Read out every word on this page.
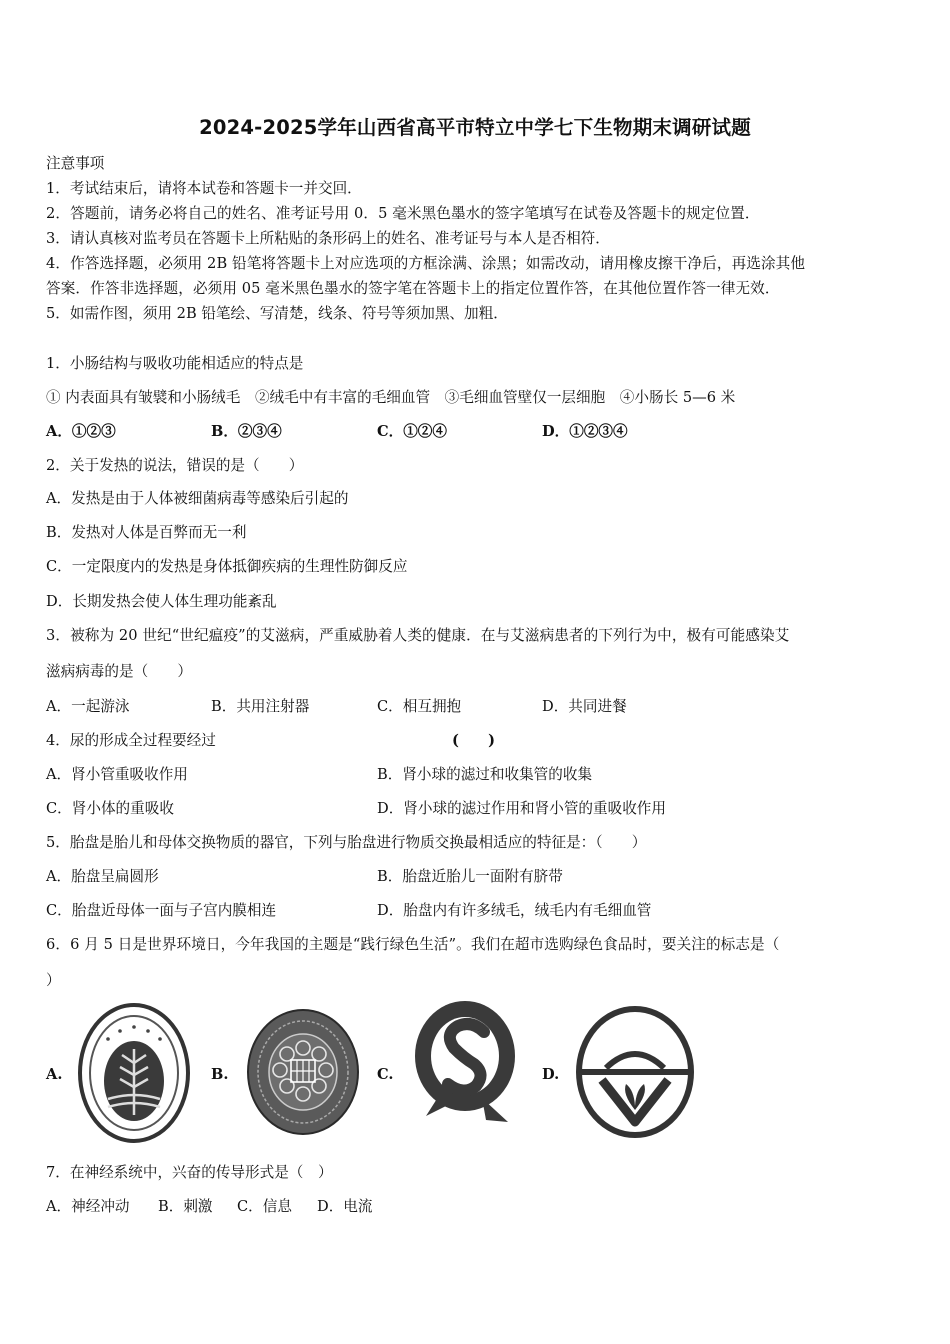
2024-2025学年山西省高平市特立中学七下生物期末调研试题
注意事项
1．考试结束后，请将本试卷和答题卡一并交回．
2．答题前，请务必将自己的姓名、准考证号用 0．5 毫米黑色墨水的签字笔填写在试卷及答题卡的规定位置．
3．请认真核对监考员在答题卡上所粘贴的条形码上的姓名、准考证号与本人是否相符．
4．作答选择题，必须用 2B 铅笔将答题卡上对应选项的方框涂满、涂黑；如需改动，请用橡皮擦干净后，再选涂其他
答案．作答非选择题，必须用 05 毫米黑色墨水的签字笔在答题卡上的指定位置作答，在其他位置作答一律无效．
5．如需作图，须用 2B 铅笔绘、写清楚，线条、符号等须加黑、加粗．
1．小肠结构与吸收功能相适应的特点是
① 内表面具有皱襞和小肠绒毛　②绒毛中有丰富的毛细血管　③毛细血管壁仅一层细胞　④小肠长 5—6 米
A．①②③	B．②③④	C．①②④	D．①②③④
2．关于发热的说法，错误的是（　　）
A．发热是由于人体被细菌病毒等感染后引起的
B．发热对人体是百弊而无一利
C．一定限度内的发热是身体抵御疾病的生理性防御反应
D．长期发热会使人体生理功能紊乱
3．被称为 20 世纪“世纪瘟疫”的艾滋病，严重威胁着人类的健康．在与艾滋病患者的下列行为中，极有可能感染艾
滋病病毒的是（　　）
A．一起游泳	B．共用注射器	C．相互拥抱	D．共同进餐
4．尿的形成全过程要经过	(　　)
A．肾小管重吸收作用	B．肾小球的滤过和收集管的收集
C．肾小体的重吸收	D．肾小球的滤过作用和肾小管的重吸收作用
5．胎盘是胎儿和母体交换物质的器官，下列与胎盘进行物质交换最相适应的特征是：（　　）
A．胎盘呈扁圆形	B．胎盘近胎儿一面附有脐带
C．胎盘近母体一面与子宫内膜相连	D．胎盘内有许多绒毛，绒毛内有毛细血管
6．6 月 5 日是世界环境日，今年我国的主题是“践行绿色生活”。我们在超市选购绿色食品时，要关注的标志是（
）
A.	B.	C.	D.
7．在神经系统中，兴奋的传导形式是（　）
A．神经冲动 B．刺激 C．信息 D．电流
